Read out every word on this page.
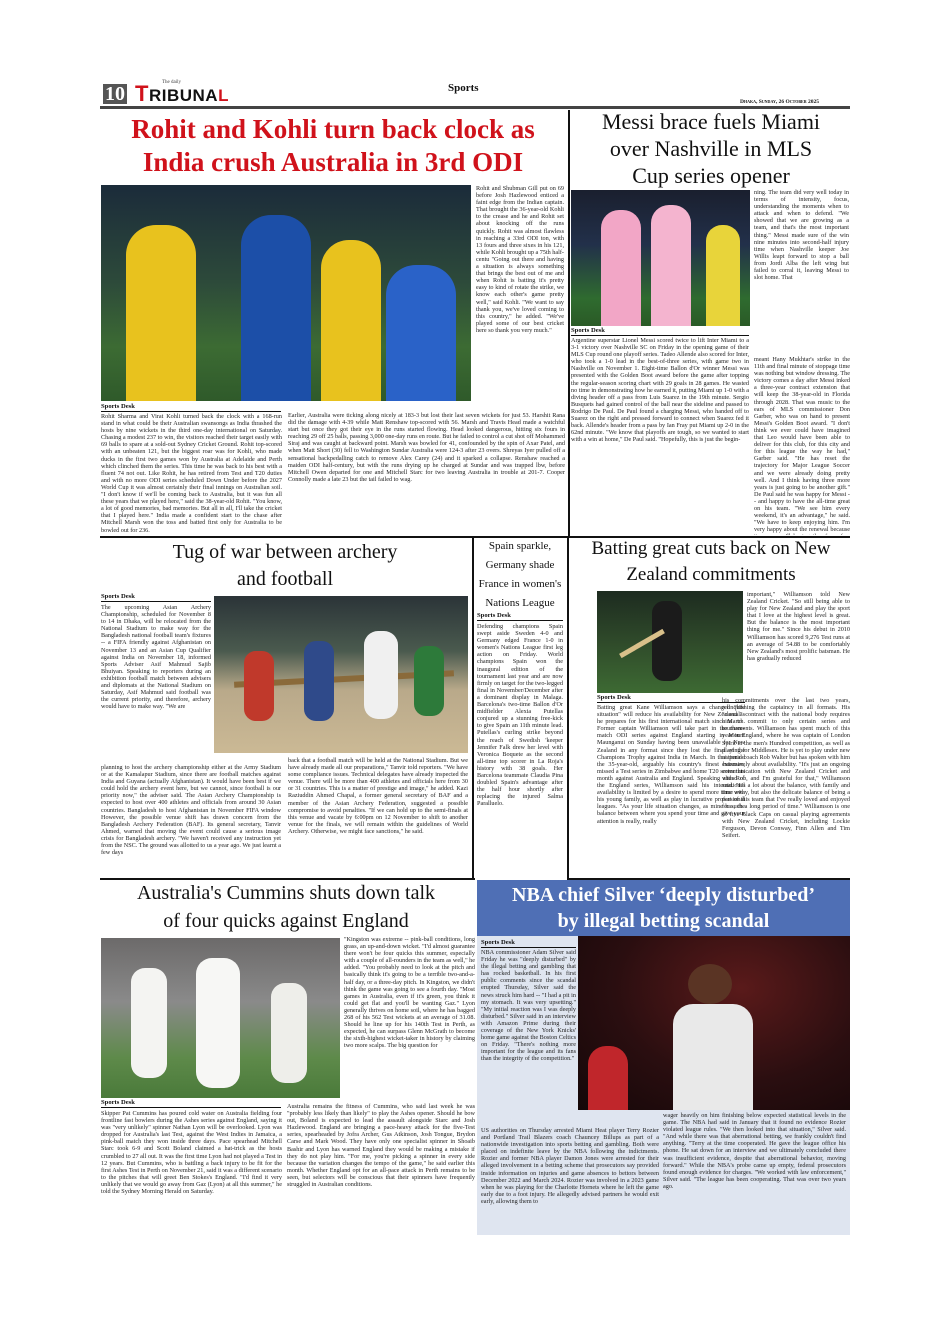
10
The daily
TRIBUNAL	Sports
Dhaka, Sunday, 26 October 2025
Rohit and Kohli turn back clock as
India crush Australia in 3rd ODI
Rohit and Shubman Gill put on 69 before Josh Hazlewood enticed a faint edge from the Indian captain. That brought the 36-year-old Kohli to the crease and he and Rohit set about knocking off the runs quickly. Rohit was almost flawless in reaching a 33rd ODI ton, with 13 fours and three sixes in his 121, while Kohli brought up a 75th half-centu "Going out there and having a situation is always something that brings the best out of me and when Rohit is batting it's pretty easy to kind of rotate the strike, we know each other's game pretty well," said Kohli. "We want to say thank you, we've loved coming to this country," he added. "We've played some of our best cricket here so thank you very much."
Sports Desk
Rohit Sharma and Virat Kohli turned back the clock with a 168-run stand in what could be their Australian swansongs as India thrashed the hosts by nine wickets in the third one-day international on Saturday. Chasing a modest 237 to win, the visitors reached their target easily with 69 balls to spare at a sold-out Sydney Cricket Ground. Rohit top-scored with an unbeaten 121, but the biggest roar was for Kohli, who made ducks in the first two games won by Australia at Adelaide and Perth which clinched them the series. This time he was back to his best with a fluent 74 not out. Like Rohit, he has retired from Test and T20 duties and with no more ODI series scheduled Down Under before the 2027 World Cup it was almost certainly their final innings on Australian soil. "I don't know if we'll be coming back to Australia, but it was fun all these years that we played here," said the 38-year-old Rohit. "You know, a lot of good memories, bad memories. But all in all, I'll take the cricket that I played here." India made a confident start to the chase after Mitchell Marsh won the toss and batted first only for Australia to be bowled out for 236.
Earlier, Australia were ticking along nicely at 183-3 but lost their last seven wickets for just 53. Harshit Rana did the damage with 4-39 while Matt Renshaw top-scored with 56. Marsh and Travis Head made a watchful start but once they got their eye in the runs started flowing. Head looked dangerous, hitting six fours in reaching 29 off 25 balls, passing 3,000 one-day runs en route. But he failed to control a cut shot off Mohammed Siraj and was caught at backward point. Marsh was bowled for 41, confounded by the spin of Axar Patel, and when Matt Short (30) fell to Washington Sundar Australia were 124-3 after 23 overs. Shreyas Iyer pulled off a sensational backpedalling catch to remove Alex Carey (24) and it sparked a collapse. Renshaw reached a maiden ODI half-century, but with the runs drying up he charged at Sundar and was trapped lbw, before Mitchell Owen departed for one and Mitchell Starc for two leaving Australia in trouble at 201-7. Cooper Connolly made a late 23 but the tail failed to wag.
Messi brace fuels Miami
over Nashville in MLS
Cup series opener
ning. The team did very well today in terms of intensity, focus, understanding the moments when to attack and when to defend. "We showed that we are growing as a team, and that's the most important thing." Messi made sure of the win nine minutes into second-half injury time when Nashville keeper Joe Willis leapt forward to stop a ball from Jordi Alba the left wing but failed to corral it, leaving Messi to slot home. That
Sports Desk
Argentine superstar Lionel Messi scored twice to lift Inter Miami to a 3-1 victory over Nashville SC on Friday in the opening game of their MLS Cup round one playoff series. Tadeo Allende also scored for Inter, who took a 1-0 lead in the best-of-three series, with game two in Nashville on November 1. Eight-time Ballon d'Or winner Messi was presented with the Golden Boot award before the game after topping the regular-season scoring chart with 29 goals in 28 games. He wasted no time in demonstrating how he earned it, putting Miami up 1-0 with a diving header off a pass from Luis Suarez in the 19th minute. Sergio Busquets had gained control of the ball near the sideline and passed to Rodrigo De Paul. De Paul found a charging Messi, who handed off to Suarez on the right and pressed forward to connect when Suarez fed it back. Allende's header from a pass by Ian Fray put Miami up 2-0 in the 62nd minute. "We know that playoffs are tough, so we wanted to start with a win at home," De Paul said. "Hopefully, this is just the begin-
meant Hany Mukhtar's strike in the 11th and final minute of stoppage time was nothing but window dressing. The victory comes a day after Messi inked a three-year contract extension that will keep the 38-year-old in Florida through 2028. That was music to the ears of MLS commissioner Don Garber, who was on hand to present Messi's Golden Boot award. "I don't think we ever could have imagined that Leo would have been able to deliver for this club, for this city and for this league the way he had," Garber said. "He has reset the trajectory for Major League Soccer and we were already doing pretty well. And I think having three more years is just going to be another gift." De Paul said he was happy for Messi -- and happy to have the all-time great on his team. "We see him every weekend, it's an advantage," he said. "We have to keep enjoying him. I'm very happy about the renewal because
Tug of war between archery
and football
Sports Desk
The upcoming Asian Archery Championship, scheduled for November 8 to 14 in Dhaka, will be relocated from the National Stadium to make way for the Bangladesh national football team's fixtures -- a FIFA friendly against Afghanistan on November 13 and an Asian Cup Qualifier against India on November 18, informed Sports Adviser Asif Mahmud Sajib Bhuiyan. Speaking to reporters during an exhibition football match between advisers and diplomats at the National Stadium on Saturday, Asif Mahmud said football was the current priority, and therefore, archery would have to make way. "We are
planning to host the archery championship either at the Army Stadium or at the Kamalapur Stadium, since there are football matches against India and Guyana (actually Afghanistan). It would have been best if we could hold the archery event here, but we cannot, since football is our priority now," the adviser said. The Asian Archery Championship is expected to host over 400 athletes and officials from around 30 Asian countries. Bangladesh to host Afghanistan in November FIFA window However, the possible venue shift has drawn concern from the Bangladesh Archery Federation (BAF). Its general secretary, Tanvir Ahmed, warned that moving the event could cause a serious image crisis for Bangladesh archery. "We haven't received any instruction yet from the NSC. The ground was allotted to us a year ago. We just learnt a few days
back that a football match will be held at the National Stadium. But we have already made all our preparations," Tanvir told reporters. "We have some compliance issues. Technical delegates have already inspected the venue. There will be more than 400 athletes and officials here from 30 or 31 countries. This is a matter of prestige and image," he added. Kazi Raziuddin Ahmed Chapal, a former general secretary of BAF and a member of the Asian Archery Federation, suggested a possible compromise to avoid penalties. "If we can hold up to the semi-finals at this venue and vacate by 6:00pm on 12 November to shift to another venue for the finals, we will remain within the guidelines of World Archery. Otherwise, we might face sanctions," he said.
Spain sparkle,
Germany shade
France in women's
Nations League
Sports Desk
Defending champions Spain swept aside Sweden 4-0 and Germany edged France 1-0 in women's Nations League first leg action on Friday. World champions Spain won the inaugural edition of the tournament last year and are now firmly on target for the two-legged final in November/December after a dominant display in Malaga. Barcelona's two-time Ballon d'Or midfielder Alexia Putellas conjured up a stunning free-kick to give Spain an 11th minute lead. Putellas's curling strike beyond the reach of Swedish 'keeper Jennifer Falk drew her level with Veronica Boquete as the second all-time top scorer in La Roja's history with 38 goals. Her Barcelona teammate Claudia Pina doubled Spain's advantage after the half hour shortly after replacing the injured Salma Paralluelo.
Batting great cuts back on New
Zealand commitments
important," Williamson told New Zealand Cricket. "So still being able to play for New Zealand and play the sport that I love at the highest level is great. But the balance is the most important thing for me." Since his debut in 2010 Williamson has scored 9,276 Test runs at an average of 54.88 to be comfortably New Zealand's most prolific batsman. He has gradually reduced
Sports Desk
Batting great Kane Williamson says a changed "life situation" will reduce his availability for New Zealand as he prepares for his first international match since March. Former captain Williamson will take part in the three-match ODI series against England starting in Mount Maunganui on Sunday having been unavailable for New Zealand in any format since they lost the final of the Champions Trophy against India in March. In that period the 35-year-old, arguably his country's finest batsman, missed a Test series in Zimbabwe and home T20 series this month against Australia and England. Speaking ahead of the England series, Williamson said his international availability is limited by a desire to spend more time with his young family, as well as play in lucrative professional leagues. "As your life situation changes, as mine has, the balance between where you spend your time and give your attention is really, really
his commitments over the last two years, relinquishing the captaincy in all formats. His "casual" contract with the national body requires him to commit to only certain series and tournaments. Williamson has spent much of this year in England, where he was captain of London Spirit in the men's Hundred competition, as well as playing for Middlesex. He is yet to play under new national coach Rob Walter but has spoken with him extensively about availability. "It's just an ongoing communication with New Zealand Cricket and with Rob, and I'm grateful for that," Williamson said. "It's a lot about the balance, with family and time away, but also the delicate balance of being a part of this team that I've really loved and enjoyed for such a long period of time." Williamson is one of five Black Caps on casual playing agreements with New Zealand Cricket, including Lockie Ferguson, Devon Conway, Finn Allen and Tim Seifert.
Australia's Cummins shuts down talk
of four quicks against England
"Kingston was extreme -- pink-ball conditions, long grass, an up-and-down wicket. "I'd almost guarantee there won't be four quicks this summer, especially with a couple of all-rounders in the team as well," he added. "You probably need to look at the pitch and basically think it's going to be a terrible two-and-a-half day, or a three-day pitch. In Kingston, we didn't think the game was going to see a fourth day. "Most games in Australia, even if it's green, you think it could get flat and you'll be wanting Gaz." Lyon generally thrives on home soil, where he has bagged 268 of his 562 Test wickets at an average of 31.08. Should he line up for his 140th Test in Perth, as expected, he can surpass Glenn McGrath to become the sixth-highest wicket-taker in history by claiming two more scalps. The big question for
Sports Desk
Skipper Pat Cummins has poured cold water on Australia fielding four frontline fast bowlers during the Ashes series against England, saying it was "very unlikely" spinner Nathan Lyon will be overlooked. Lyon was dropped for Australia's last Test, against the West Indies in Jamaica, a pink-ball match they won inside three days. Pace spearhead Mitchell Starc took 6-9 and Scott Boland claimed a hat-trick as the hosts crumbled to 27 all out. It was the first time Lyon had not played a Test in 12 years. But Cummins, who is battling a back injury to be fit for the first Ashes Test in Perth on November 21, said it was a different scenario to the pitches that will greet Ben Stokes's England. "I'd find it very unlikely that we would go away from Gaz (Lyon) at all this summer," he told the Sydney Morning Herald on Saturday.
Australia remains the fitness of Cummins, who said last week he was "probably less likely than likely" to play the Ashes opener. Should he bow out, Boland is expected to lead the assault alongside Starc and Josh Hazlewood. England are bringing a pace-heavy attack for the five-Test series, spearheaded by Jofra Archer, Gus Atkinson, Josh Tongue, Brydon Carse and Mark Wood. They have only one specialist spinner in Shoaib Bashir and Lyon has warned England they would be making a mistake if they do not play him. "For me, you're picking a spinner in every side because the variation changes the tempo of the game," he said earlier this month. Whether England opt for an all-pace attack in Perth remains to be seen, but selectors will be conscious that their spinners have frequently struggled in Australian conditions.
NBA chief Silver ‘deeply disturbed’
by illegal betting scandal
Sports Desk
NBA commissioner Adam Silver said Friday he was "deeply disturbed" by the illegal betting and gambling that has rocked basketball. In his first public comments since the scandal erupted Thursday, Silver said the news struck him hard -- "I had a pit in my stomach. It was very upsetting." "My initial reaction was I was deeply disturbed." Silver said in an interview with Amazon Prime during their coverage of the New York Knicks' home game against the Boston Celtics on Friday. "There's nothing more important for the league and its fans than the integrity of the competition."
US authorities on Thursday arrested Miami Heat player Terry Rozier and Portland Trail Blazers coach Chauncey Billups as part of a nationwide investigation into sports betting and gambling. Both were placed on indefinite leave by the NBA following the indictments. Rozier and former NBA player Damon Jones were arrested for their alleged involvement in a betting scheme that prosecutors say provided inside information on injuries and game absences to bettors between December 2022 and March 2024. Rozier was involved in a 2023 game when he was playing for the Charlotte Hornets where he left the game early due to a foot injury. He allegedly advised partners he would exit early, allowing them to
wager heavily on him finishing below expected statistical levels in the game. The NBA had said in January that it found no evidence Rozier violated league rules. "We then looked into that situation," Silver said. "And while there was that aberrational betting, we frankly couldn't find anything. "Terry at the time cooperated. He gave the league office his phone. He sat down for an interview and we ultimately concluded there was insufficient evidence, despite that aberrational behavior, moving forward." While the NBA's probe came up empty, federal prosecutors found enough evidence for charges. "We worked with law enforcement," Silver said. "The league has been cooperating. That was over two years ago.
